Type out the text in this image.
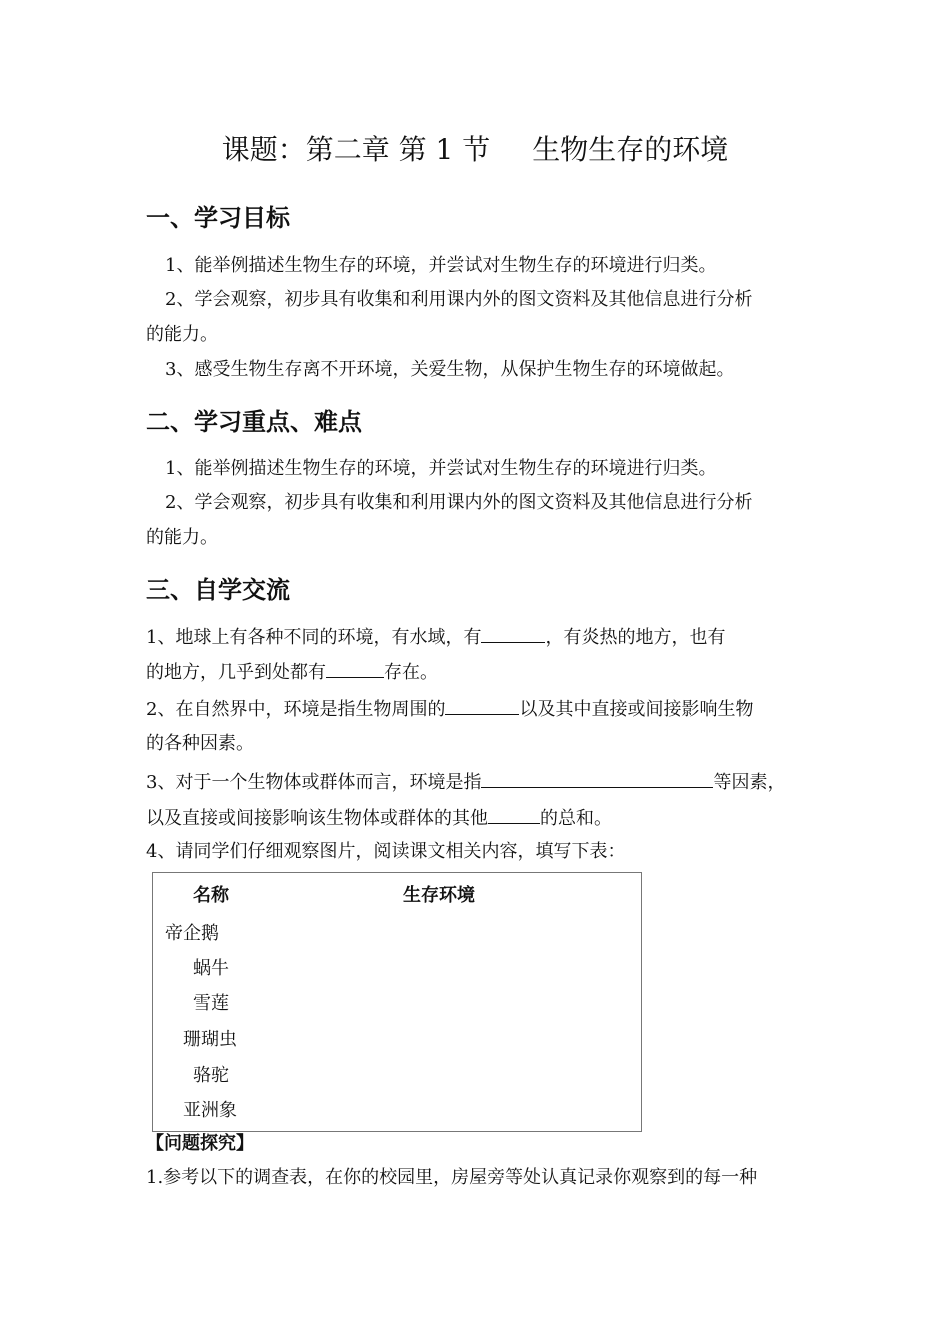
课题：第二章 第 1 节 生物生存的环境
一、学习目标
1、能举例描述生物生存的环境，并尝试对生物生存的环境进行归类。
2、学会观察，初步具有收集和利用课内外的图文资料及其他信息进行分析
的能力。
3、感受生物生存离不开环境，关爱生物，从保护生物生存的环境做起。
二、学习重点、难点
1、能举例描述生物生存的环境，并尝试对生物生存的环境进行归类。
2、学会观察，初步具有收集和利用课内外的图文资料及其他信息进行分析
的能力。
三、自学交流
1、地球上有各种不同的环境，有水域，有	，有炎热的地方，也有
的地方，几乎到处都有	存在。
2、在自然界中，环境是指生物周围的	以及其中直接或间接影响生物
的各种因素。
3、对于一个生物体或群体而言，环境是指	等因素，
以及直接或间接影响该生物体或群体的其他	的总和。
4、请同学们仔细观察图片，阅读课文相关内容，填写下表：
名称	生存环境
帝企鹅
蜗牛
雪莲
珊瑚虫
骆驼
亚洲象
【问题探究】
1.参考以下的调查表，在你的校园里，房屋旁等处认真记录你观察到的每一种
